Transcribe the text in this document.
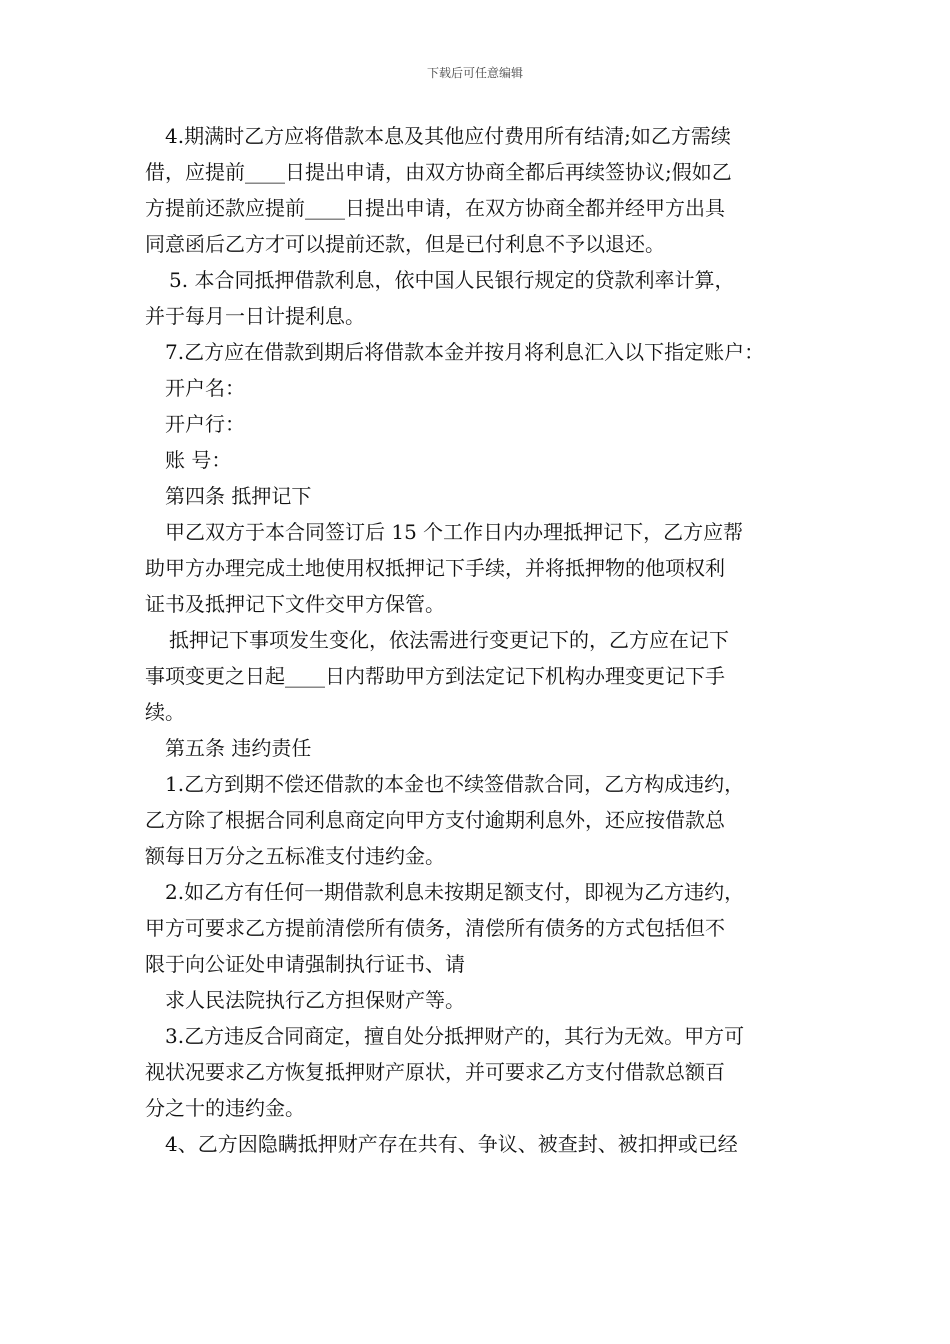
下载后可任意编辑

4.期满时乙方应将借款本息及其他应付费用所有结清;如乙方需续

借，应提前____日提出申请，由双方协商全都后再续签协议;假如乙

方提前还款应提前____日提出申请，在双方协商全都并经甲方出具

同意函后乙方才可以提前还款，但是已付利息不予以退还。

5. 本合同抵押借款利息，依中国人民银行规定的贷款利率计算，

并于每月一日计提利息。

7.乙方应在借款到期后将借款本金并按月将利息汇入以下指定账户：

开户名：

开户行：

账 号：

第四条 抵押记下

甲乙双方于本合同签订后 15 个工作日内办理抵押记下，乙方应帮

助甲方办理完成土地使用权抵押记下手续，并将抵押物的他项权利

证书及抵押记下文件交甲方保管。

抵押记下事项发生变化，依法需进行变更记下的，乙方应在记下

事项变更之日起____日内帮助甲方到法定记下机构办理变更记下手

续。

第五条 违约责任

1.乙方到期不偿还借款的本金也不续签借款合同，乙方构成违约，

乙方除了根据合同利息商定向甲方支付逾期利息外，还应按借款总

额每日万分之五标准支付违约金。

2.如乙方有任何一期借款利息未按期足额支付，即视为乙方违约，

甲方可要求乙方提前清偿所有债务，清偿所有债务的方式包括但不

限于向公证处申请强制执行证书、请

求人民法院执行乙方担保财产等。

3.乙方违反合同商定，擅自处分抵押财产的，其行为无效。甲方可

视状况要求乙方恢复抵押财产原状，并可要求乙方支付借款总额百

分之十的违约金。

4、乙方因隐瞒抵押财产存在共有、争议、被查封、被扣押或已经
